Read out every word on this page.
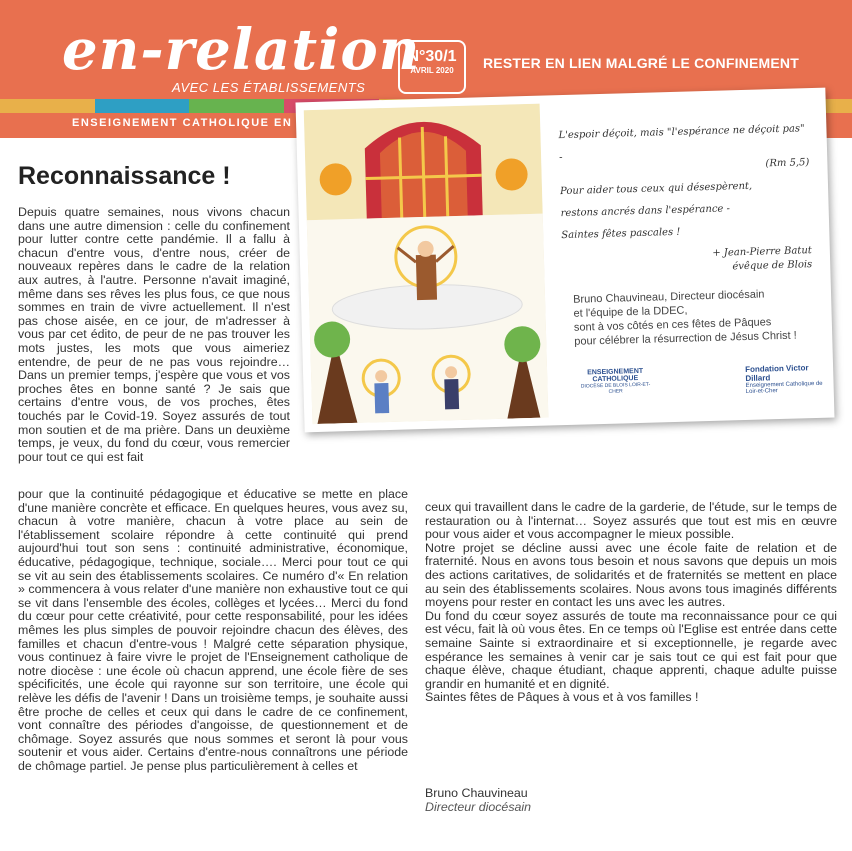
en-relation
AVEC LES ÉTABLISSEMENTS
N°30/1
AVRIL 2020	RESTER EN LIEN MALGRÉ LE CONFINEMENT
ENSEIGNEMENT CATHOLIQUE EN
Reconnaissance !

Depuis quatre semaines, nous vivons chacun dans une autre dimension : celle du confinement pour lutter contre cette pandémie. Il a fallu à chacun d'entre vous, d'entre nous, créer de nouveaux repères dans le cadre de la relation aux autres, à l'autre. Personne n'avait imaginé, même dans ses rêves les plus fous, ce que nous sommes en train de vivre actuellement. Il n'est pas chose aisée, en ce jour, de m'adresser à vous par cet édito, de peur de ne pas trouver les mots justes, les mots que vous aimeriez entendre, de peur de ne pas vous rejoindre… Dans un premier temps, j'espère que vous et vos proches êtes en bonne santé ? Je sais que certains d'entre vous, de vos proches, êtes touchés par le Covid-19. Soyez assurés de tout mon soutien et de ma prière. Dans un deuxième temps, je veux, du fond du cœur, vous remercier pour tout ce qui est fait

pour que la continuité pédagogique et éducative se mette en place d'une manière concrète et efficace. En quelques heures, vous avez su, chacun à votre manière, chacun à votre place au sein de l'établissement scolaire répondre à cette continuité qui prend aujourd'hui tout son sens : continuité administrative, économique, éducative, pédagogique, technique, sociale…. Merci pour tout ce qui se vit au sein des établissements scolaires. Ce numéro d'« En relation » commencera à vous relater d'une manière non exhaustive tout ce qui se vit dans l'ensemble des écoles, collèges et lycées… Merci du fond du cœur pour cette créativité, pour cette responsabilité, pour les idées mêmes les plus simples de pouvoir rejoindre chacun des élèves, des familles et chacun d'entre-vous ! Malgré cette séparation physique, vous continuez à faire vivre le projet de l'Enseignement catholique de notre diocèse : une école où chacun apprend, une école fière de ses spécificités, une école qui rayonne sur son territoire, une école qui relève les défis de l'avenir ! Dans un troisième temps, je souhaite aussi être proche de celles et ceux qui dans le cadre de ce confinement, vont connaître des périodes d'angoisse, de questionnement et de chômage. Soyez assurés que nous sommes et seront là pour vous soutenir et vous aider. Certains d'entre-nous connaîtrons une période de chômage partiel. Je pense plus particulièrement à celles et

ceux qui travaillent dans le cadre de la garderie, de l'étude, sur le temps de restauration ou à l'internat… Soyez assurés que tout est mis en œuvre pour vous aider et vous accompagner le mieux possible.

Notre projet se décline aussi avec une école faite de relation et de fraternité. Nous en avons tous besoin et nous savons que depuis un mois des actions caritatives, de solidarités et de fraternités se mettent en place au sein des établissements scolaires. Nous avons tous imaginés différents moyens pour rester en contact les uns avec les autres.

Du fond du cœur soyez assurés de toute ma reconnaissance pour ce qui est vécu, fait là où vous êtes. En ce temps où l'Eglise est entrée dans cette semaine Sainte si extraordinaire et si exceptionnelle, je regarde avec espérance les semaines à venir car je sais tout ce qui est fait pour que chaque élève, chaque étudiant, chaque apprenti, chaque adulte puisse grandir en humanité et en dignité.

Saintes fêtes de Pâques à vous et à vos familles !

Bruno Chauvineau
Directeur diocésain
L'espoir déçoit, mais "l'espérance ne déçoit pas" -	(Rm 5,5)
Pour aider tous ceux qui désespèrent,
restons ancrés dans l'espérance -
Saintes fêtes pascales !
+ Jean-Pierre Batut
évêque de Blois
Bruno Chauvineau, Directeur diocésain
et l'équipe de la DDEC,
sont à vos côtés en ces fêtes de Pâques
pour célébrer la résurrection de Jésus Christ !
ENSEIGNEMENT CATHOLIQUE
DIOCÈSE DE BLOIS LOIR-ET-CHER
Fondation Victor Dillard
Enseignement Catholique de Loir-et-Cher
